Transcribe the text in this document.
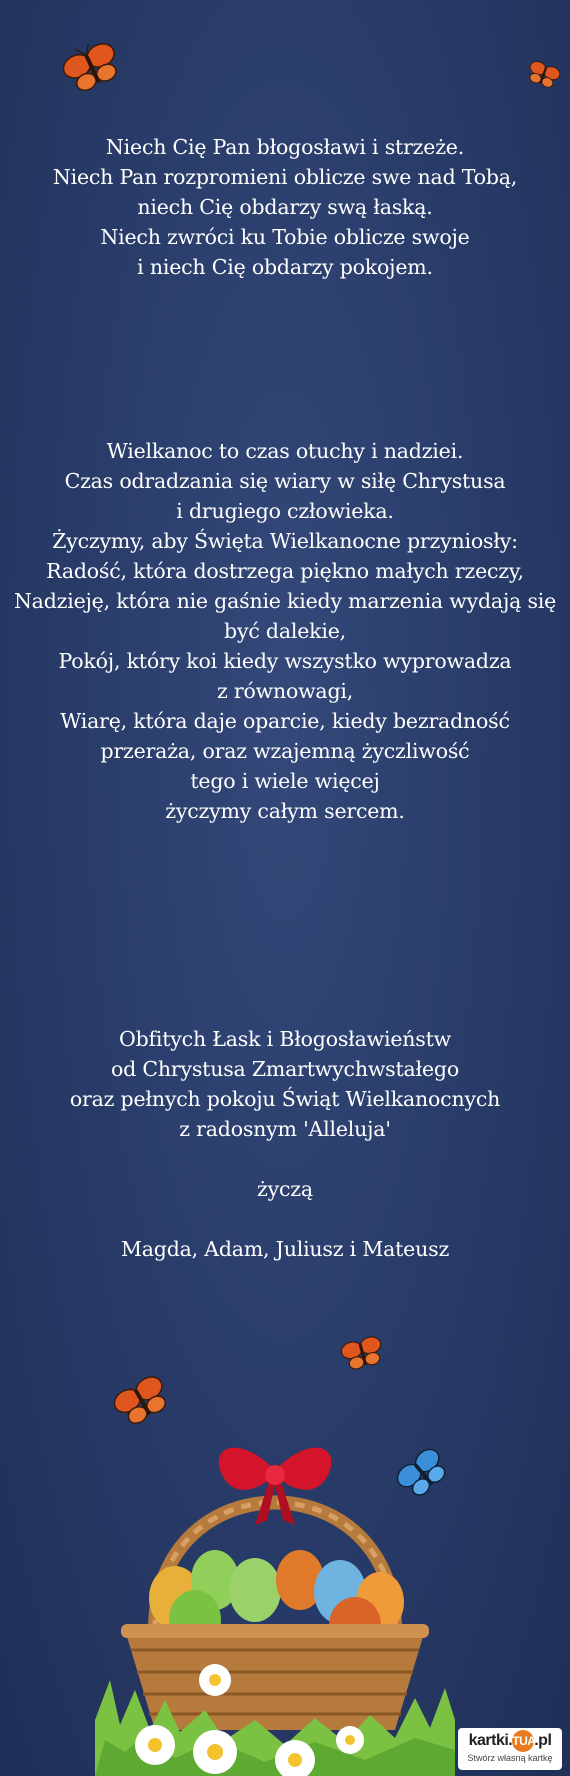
Niech Cię Pan błogosławi i strzeże.
Niech Pan rozpromieni oblicze swe nad Tobą,
niech Cię obdarzy swą łaską.
Niech zwróci ku Tobie oblicze swoje
i niech Cię obdarzy pokojem.
Wielkanoc to czas otuchy i nadziei.
Czas odradzania się wiary w siłę Chrystusa
i drugiego człowieka.
Życzymy, aby Święta Wielkanocne przyniosły:
Radość, która dostrzega piękno małych rzeczy,
Nadzieję, która nie gaśnie kiedy marzenia wydają się
być dalekie,
Pokój, który koi kiedy wszystko wyprowadza
z równowagi,
Wiarę, która daje oparcie, kiedy bezradność
przeraża, oraz wzajemną życzliwość
tego i wiele więcej
życzymy całym sercem.
Obfitych Łask i Błogosławieństw
od Chrystusa Zmartwychwstałego
oraz pełnych pokoju Świąt Wielkanocnych
z radosnym 'Alleluja'
życzą
Magda, Adam, Juliusz i Mateusz
kartki.TUA.pl
Stwórz własną kartkę
